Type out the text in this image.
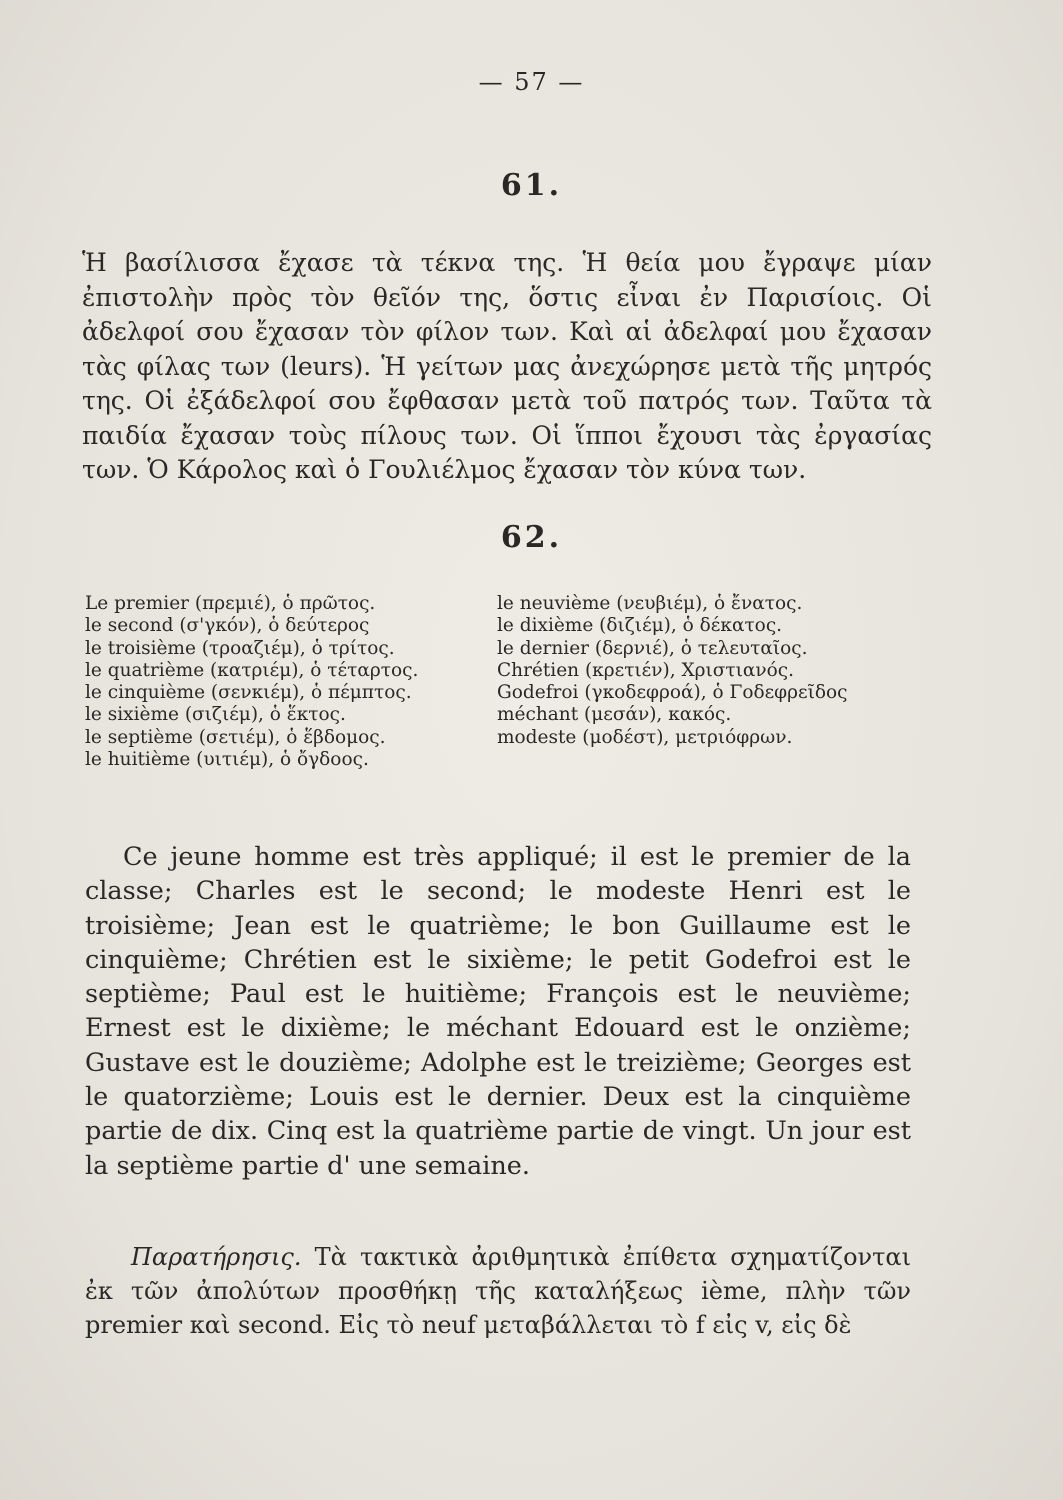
— 57 —
61.

Ἡ βασίλισσα ἔχασε τὰ τέκνα της. Ἡ θεία μου ἔγραψε μίαν ἐπιστολὴν πρὸς τὸν θεῖόν της, ὅστις εἶναι ἐν Παρισίοις. Οἱ ἀδελφοί σου ἔχασαν τὸν φίλον των. Καὶ αἱ ἀδελφαί μου ἔχασαν τὰς φίλας των (leurs). Ἡ γείτων μας ἀνεχώρησε μετὰ τῆς μητρός της. Οἱ ἐξάδελφοί σου ἔφθασαν μετὰ τοῦ πατρός των. Ταῦτα τὰ παιδία ἔχασαν τοὺς πίλους των. Οἱ ἵπποι ἔχουσι τὰς ἐργασίας των. Ὁ Κάρολος καὶ ὁ Γουλιέλμος ἔχασαν τὸν κύνα των.

62.
Le premier (πρεμιέ), ὁ πρῶτος.
le second (σ'γκόν), ὁ δεύτερος
le troisième (τροαζιέμ), ὁ τρίτος.
le quatrième (κατριέμ), ὁ τέταρτος.
le cinquième (σενκιέμ), ὁ πέμπτος.
le sixième (σιζιέμ), ὁ ἕκτος.
le septième (σετιέμ), ὁ ἕβδομος.
le huitième (υιτιέμ), ὁ ὄγδοος.
le neuvième (νευβιέμ), ὁ ἔνατος.
le dixième (διζιέμ), ὁ δέκατος.
le dernier (δερνιέ), ὁ τελευταῖος.
Chrétien (κρετιέν), Χριστιανός.
Godefroi (γκοδεφροά), ὁ Γοδεφρεῖδος
méchant (μεσάν), κακός.
modeste (μοδέστ), μετριόφρων.

Ce jeune homme est très appliqué; il est le premier de la classe; Charles est le second; le modeste Henri est le troisième; Jean est le quatrième; le bon Guillaume est le cinquième; Chrétien est le sixième; le petit Godefroi est le septième; Paul est le huitième; François est le neuvième; Ernest est le dixième; le méchant Edouard est le onzième; Gustave est le douzième; Adolphe est le treizième; Georges est le quatorzième; Louis est le dernier. Deux est la cinquième partie de dix. Cinq est la quatrième partie de vingt. Un jour est la septième partie d' une semaine.

Παρατήρησις. Τὰ τακτικὰ ἀριθμητικὰ ἐπίθετα σχηματίζονται ἐκ τῶν ἀπολύτων προσθήκῃ τῆς καταλήξεως ième, πλὴν τῶν premier καὶ second. Εἰς τὸ neuf μεταβάλλεται τὸ f εἰς v, εἰς δὲ
